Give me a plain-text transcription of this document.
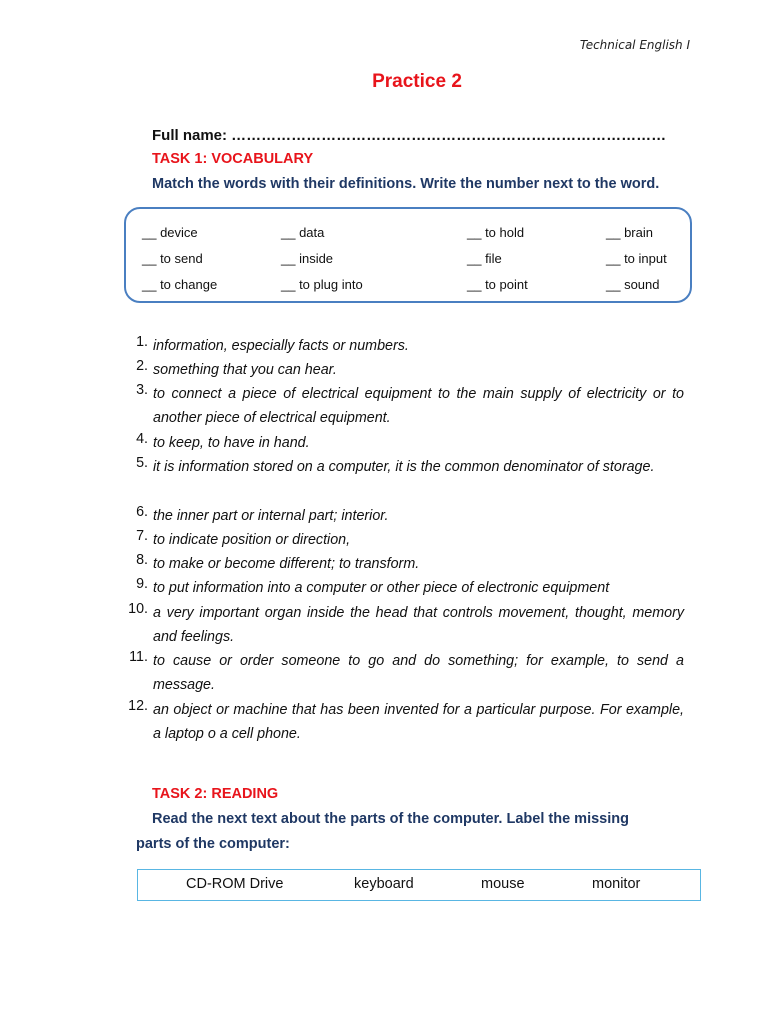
Technical English I
Practice 2
Full name: ……………………………………………………………………………
TASK 1: VOCABULARY
Match the words with their definitions. Write the number next to the word.
__ device	__ data	__ to hold	__ brain
__ to send	__ inside	__ file	__ to input
__ to change	__ to plug into	__ to point	__ sound
1. information, especially facts or numbers.
2. something that you can hear.
3. to connect a piece of electrical equipment to the main supply of electricity or to another piece of electrical equipment.
4. to keep, to have in hand.
5. it is information stored on a computer, it is the common denominator of storage.
6. the inner part or internal part; interior.
7. to indicate position or direction,
8. to make or become different; to transform.
9. to put information into a computer or other piece of electronic equipment
10. a very important organ inside the head that controls movement, thought, memory and feelings.
11. to cause or order someone to go and do something; for example, to send a message.
12. an object or machine that has been invented for a particular purpose. For example, a laptop o a cell phone.
TASK 2: READING
Read the next text about the parts of the computer. Label the missing
parts of the computer:
CD-ROM Drive	keyboard	mouse	monitor
